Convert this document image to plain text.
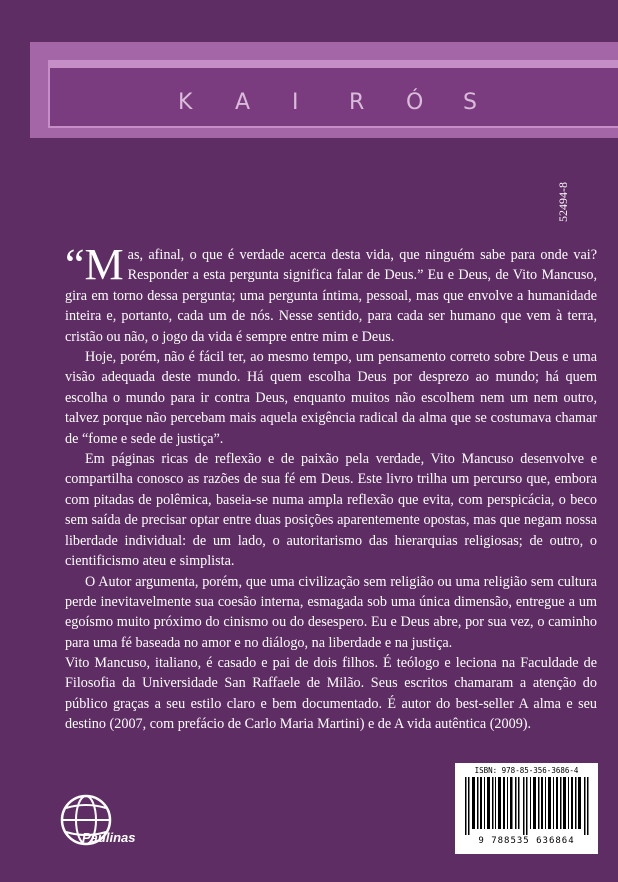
K A I R Ó S
52494-8

“Mas, afinal, o que é verdade acerca desta vida, que ninguém sabe para onde vai? Responder a esta pergunta significa falar de Deus.” Eu e Deus, de Vito Mancuso, gira em torno dessa pergunta; uma pergunta íntima, pessoal, mas que envolve a humanidade inteira e, portanto, cada um de nós. Nesse sentido, para cada ser humano que vem à terra, cristão ou não, o jogo da vida é sempre entre mim e Deus.

Hoje, porém, não é fácil ter, ao mesmo tempo, um pensamento correto sobre Deus e uma visão adequada deste mundo. Há quem escolha Deus por desprezo ao mundo; há quem escolha o mundo para ir contra Deus, enquanto muitos não escolhem nem um nem outro, talvez porque não percebam mais aquela exigência radical da alma que se costumava chamar de “fome e sede de justiça”.

Em páginas ricas de reflexão e de paixão pela verdade, Vito Mancuso desenvolve e compartilha conosco as razões de sua fé em Deus. Este livro trilha um percurso que, embora com pitadas de polêmica, baseia-se numa ampla reflexão que evita, com perspicácia, o beco sem saída de precisar optar entre duas posições aparentemente opostas, mas que negam nossa liberdade individual: de um lado, o autoritarismo das hierarquias religiosas; de outro, o cientificismo ateu e simplista.

O Autor argumenta, porém, que uma civilização sem religião ou uma religião sem cultura perde inevitavelmente sua coesão interna, esmagada sob uma única dimensão, entregue a um egoísmo muito próximo do cinismo ou do desespero. Eu e Deus abre, por sua vez, o caminho para uma fé baseada no amor e no diálogo, na liberdade e na justiça.

Vito Mancuso, italiano, é casado e pai de dois filhos. É teólogo e leciona na Faculdade de Filosofia da Universidade San Raffaele de Milão. Seus escritos chamaram a atenção do público graças a seu estilo claro e bem documentado. É autor do best-seller A alma e seu destino (2007, com prefácio de Carlo Maria Martini) e de A vida autêntica (2009).

Paulinas
ISBN: 978-85-356-3686-4
9 788535 636864
